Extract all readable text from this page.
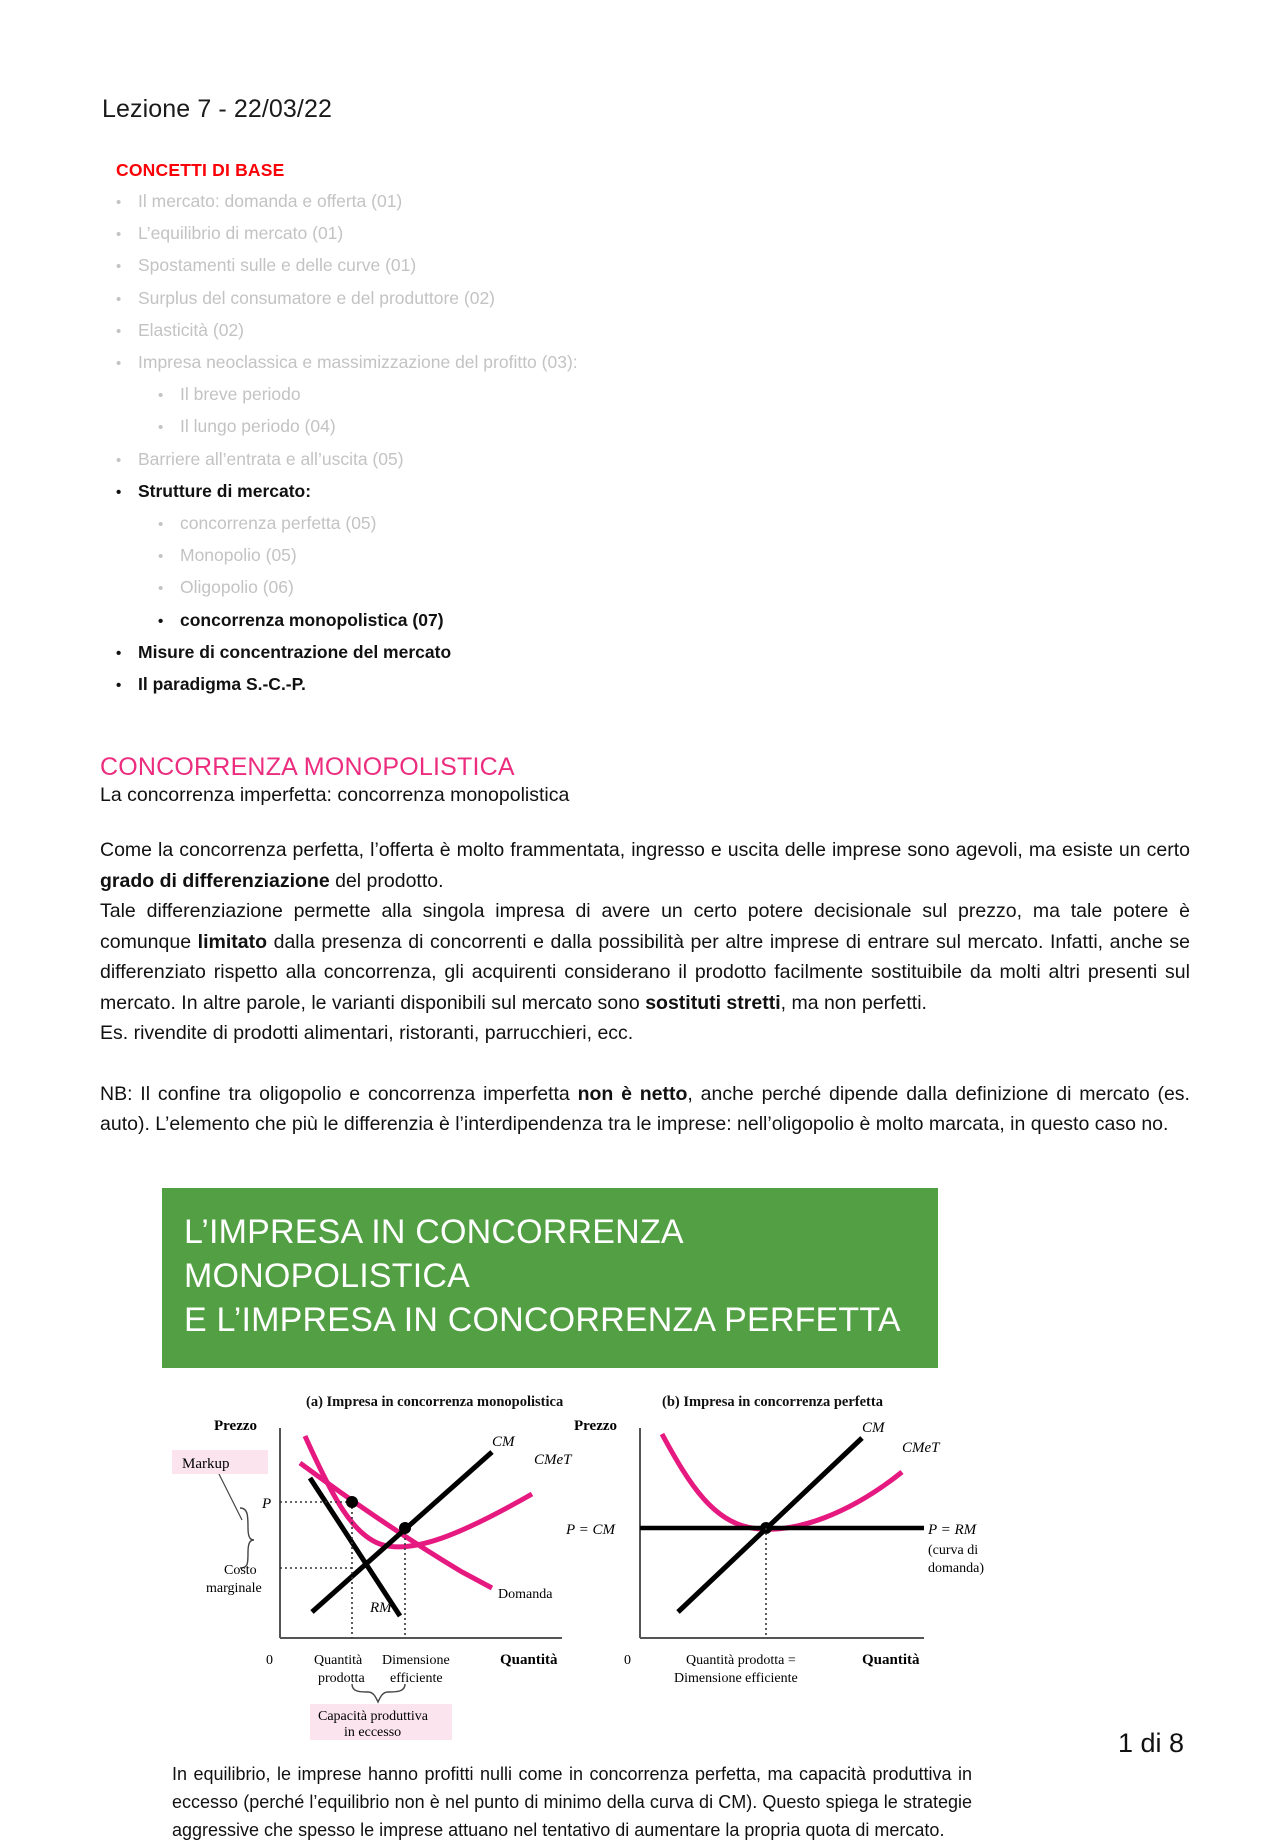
Lezione 7 - 22/03/22
CONCETTI DI BASE
• Il mercato: domanda e offerta (01)
• L’equilibrio di mercato (01)
• Spostamenti sulle e delle curve (01)
• Surplus del consumatore e del produttore (02)
• Elasticità (02)
• Impresa neoclassica e massimizzazione del profitto (03):
• Il breve periodo
• Il lungo periodo (04)
• Barriere all’entrata e all’uscita (05)
• Strutture di mercato:
• concorrenza perfetta (05)
• Monopolio (05)
• Oligopolio (06)
• concorrenza monopolistica (07)
• Misure di concentrazione del mercato
• Il paradigma S.-C.-P.
CONCORRENZA MONOPOLISTICA
La concorrenza imperfetta: concorrenza monopolistica
Come la concorrenza perfetta, l’offerta è molto frammentata, ingresso e uscita delle imprese sono agevoli, ma esiste un certo grado di differenziazione del prodotto.
Tale differenziazione permette alla singola impresa di avere un certo potere decisionale sul prezzo, ma tale potere è comunque limitato dalla presenza di concorrenti e dalla possibilità per altre imprese di entrare sul mercato. Infatti, anche se differenziato rispetto alla concorrenza, gli acquirenti considerano il prodotto facilmente sostituibile da molti altri presenti sul mercato. In altre parole, le varianti disponibili sul mercato sono sostituti stretti, ma non perfetti.
Es. rivendite di prodotti alimentari, ristoranti, parrucchieri, ecc.
NB: Il confine tra oligopolio e concorrenza imperfetta non è netto, anche perché dipende dalla definizione di mercato (es. auto). L’elemento che più le differenzia è l’interdipendenza tra le imprese: nell’oligopolio è molto marcata, in questo caso no.
L’IMPRESA IN CONCORRENZA MONOPOLISTICA
E L’IMPRESA IN CONCORRENZA PERFETTA
(a) Impresa in concorrenza monopolistica	(b) Impresa in concorrenza perfetta
Prezzo
Markup
P
Costo
marginale
CM
CMeT
RM
Domanda
0	Quantità
prodotta
Dimensione
efficiente
Quantità
Capacità produttiva
in eccesso
Prezzo
P = CM
CM
CMeT
P = RM
(curva di
domanda)
0	Quantità prodotta =
Dimensione efficiente
Quantità
In equilibrio, le imprese hanno profitti nulli come in concorrenza perfetta, ma capacità produttiva in eccesso (perché l’equilibrio non è nel punto di minimo della curva di CM). Questo spiega le strategie aggressive che spesso le imprese attuano nel tentativo di aumentare la propria quota di mercato.
1 di 8
